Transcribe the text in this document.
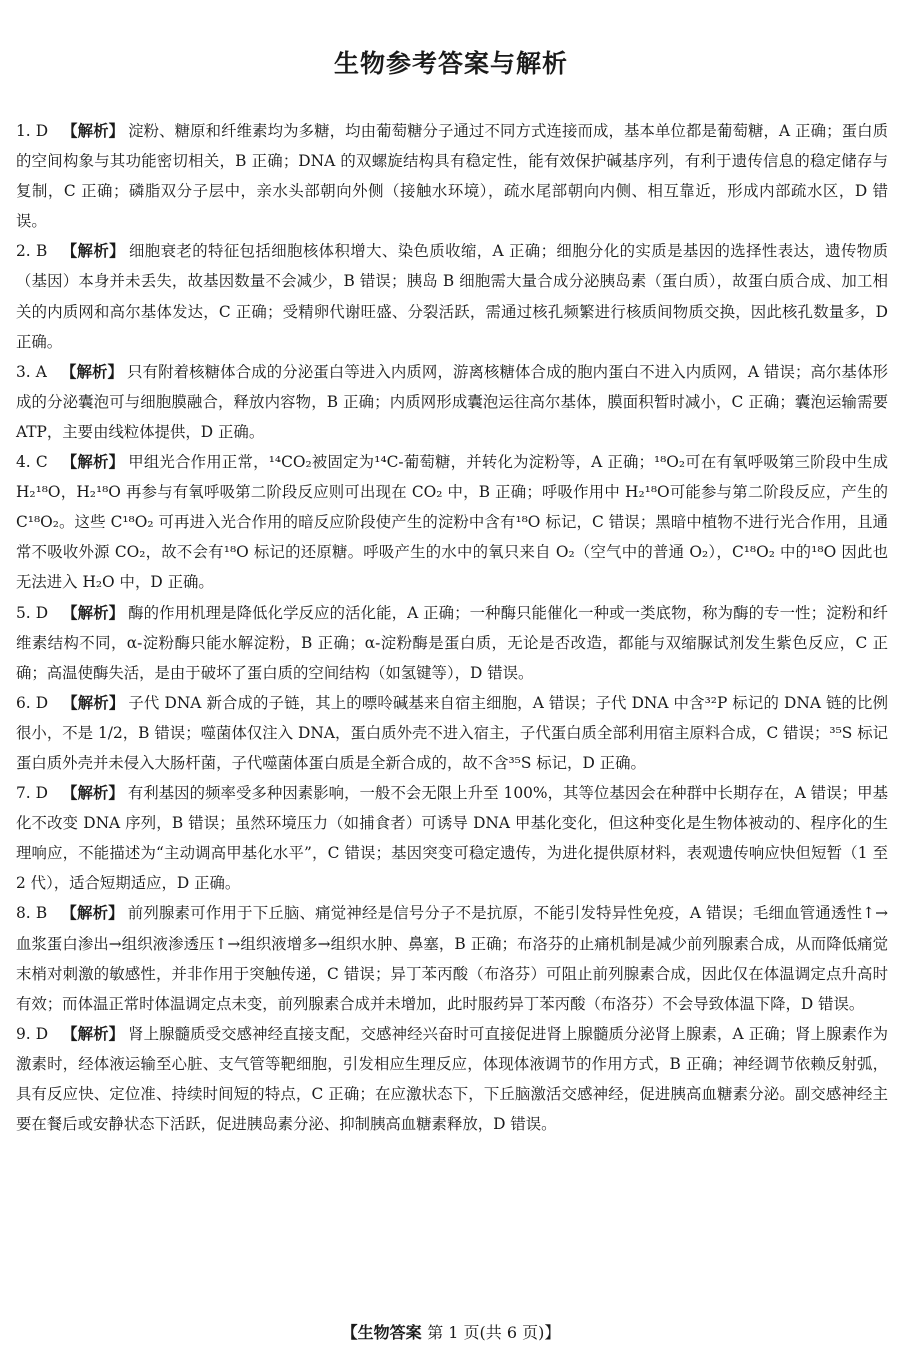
生物参考答案与解析

1. D 【解析】 淀粉、糖原和纤维素均为多糖，均由葡萄糖分子通过不同方式连接而成，基本单位都是葡萄糖，A 正确；蛋白质的空间构象与其功能密切相关，B 正确；DNA 的双螺旋结构具有稳定性，能有效保护碱基序列，有利于遗传信息的稳定储存与复制，C 正确；磷脂双分子层中，亲水头部朝向外侧（接触水环境），疏水尾部朝向内侧、相互靠近，形成内部疏水区，D 错误。

2. B 【解析】 细胞衰老的特征包括细胞核体积增大、染色质收缩，A 正确；细胞分化的实质是基因的选择性表达，遗传物质（基因）本身并未丢失，故基因数量不会减少，B 错误；胰岛 B 细胞需大量合成分泌胰岛素（蛋白质），故蛋白质合成、加工相关的内质网和高尔基体发达，C 正确；受精卵代谢旺盛、分裂活跃，需通过核孔频繁进行核质间物质交换，因此核孔数量多，D 正确。

3. A 【解析】 只有附着核糖体合成的分泌蛋白等进入内质网，游离核糖体合成的胞内蛋白不进入内质网，A 错误；高尔基体形成的分泌囊泡可与细胞膜融合，释放内容物，B 正确；内质网形成囊泡运往高尔基体，膜面积暂时减小，C 正确；囊泡运输需要 ATP，主要由线粒体提供，D 正确。

4. C 【解析】 甲组光合作用正常，¹⁴CO₂被固定为¹⁴C-葡萄糖，并转化为淀粉等，A 正确；¹⁸O₂可在有氧呼吸第三阶段中生成 H₂¹⁸O，H₂¹⁸O 再参与有氧呼吸第二阶段反应则可出现在 CO₂ 中，B 正确；呼吸作用中 H₂¹⁸O可能参与第二阶段反应，产生的 C¹⁸O₂。这些 C¹⁸O₂ 可再进入光合作用的暗反应阶段使产生的淀粉中含有¹⁸O 标记，C 错误；黑暗中植物不进行光合作用，且通常不吸收外源 CO₂，故不会有¹⁸O 标记的还原糖。呼吸产生的水中的氧只来自 O₂（空气中的普通 O₂），C¹⁸O₂ 中的¹⁸O 因此也无法进入 H₂O 中，D 正确。

5. D 【解析】 酶的作用机理是降低化学反应的活化能，A 正确；一种酶只能催化一种或一类底物，称为酶的专一性；淀粉和纤维素结构不同，α-淀粉酶只能水解淀粉，B 正确；α-淀粉酶是蛋白质，无论是否改造，都能与双缩脲试剂发生紫色反应，C 正确；高温使酶失活，是由于破坏了蛋白质的空间结构（如氢键等），D 错误。

6. D 【解析】 子代 DNA 新合成的子链，其上的嘌呤碱基来自宿主细胞，A 错误；子代 DNA 中含³²P 标记的 DNA 链的比例很小，不是 1/2，B 错误；噬菌体仅注入 DNA，蛋白质外壳不进入宿主，子代蛋白质全部利用宿主原料合成，C 错误；³⁵S 标记蛋白质外壳并未侵入大肠杆菌，子代噬菌体蛋白质是全新合成的，故不含³⁵S 标记，D 正确。

7. D 【解析】 有利基因的频率受多种因素影响，一般不会无限上升至 100%，其等位基因会在种群中长期存在，A 错误；甲基化不改变 DNA 序列，B 错误；虽然环境压力（如捕食者）可诱导 DNA 甲基化变化，但这种变化是生物体被动的、程序化的生理响应，不能描述为“主动调高甲基化水平”，C 错误；基因突变可稳定遗传，为进化提供原材料，表观遗传响应快但短暂（1 至 2 代），适合短期适应，D 正确。

8. B 【解析】 前列腺素可作用于下丘脑、痛觉神经是信号分子不是抗原，不能引发特异性免疫，A 错误；毛细血管通透性↑→血浆蛋白渗出→组织液渗透压↑→组织液增多→组织水肿、鼻塞，B 正确；布洛芬的止痛机制是减少前列腺素合成，从而降低痛觉末梢对刺激的敏感性，并非作用于突触传递，C 错误；异丁苯丙酸（布洛芬）可阻止前列腺素合成，因此仅在体温调定点升高时有效；而体温正常时体温调定点未变，前列腺素合成并未增加，此时服药异丁苯丙酸（布洛芬）不会导致体温下降，D 错误。

9. D 【解析】 肾上腺髓质受交感神经直接支配，交感神经兴奋时可直接促进肾上腺髓质分泌肾上腺素，A 正确；肾上腺素作为激素时，经体液运输至心脏、支气管等靶细胞，引发相应生理反应，体现体液调节的作用方式，B 正确；神经调节依赖反射弧，具有反应快、定位准、持续时间短的特点，C 正确；在应激状态下，下丘脑激活交感神经，促进胰高血糖素分泌。副交感神经主要在餐后或安静状态下活跃，促进胰岛素分泌、抑制胰高血糖素释放，D 错误。

【生物答案 第 1 页(共 6 页)】
